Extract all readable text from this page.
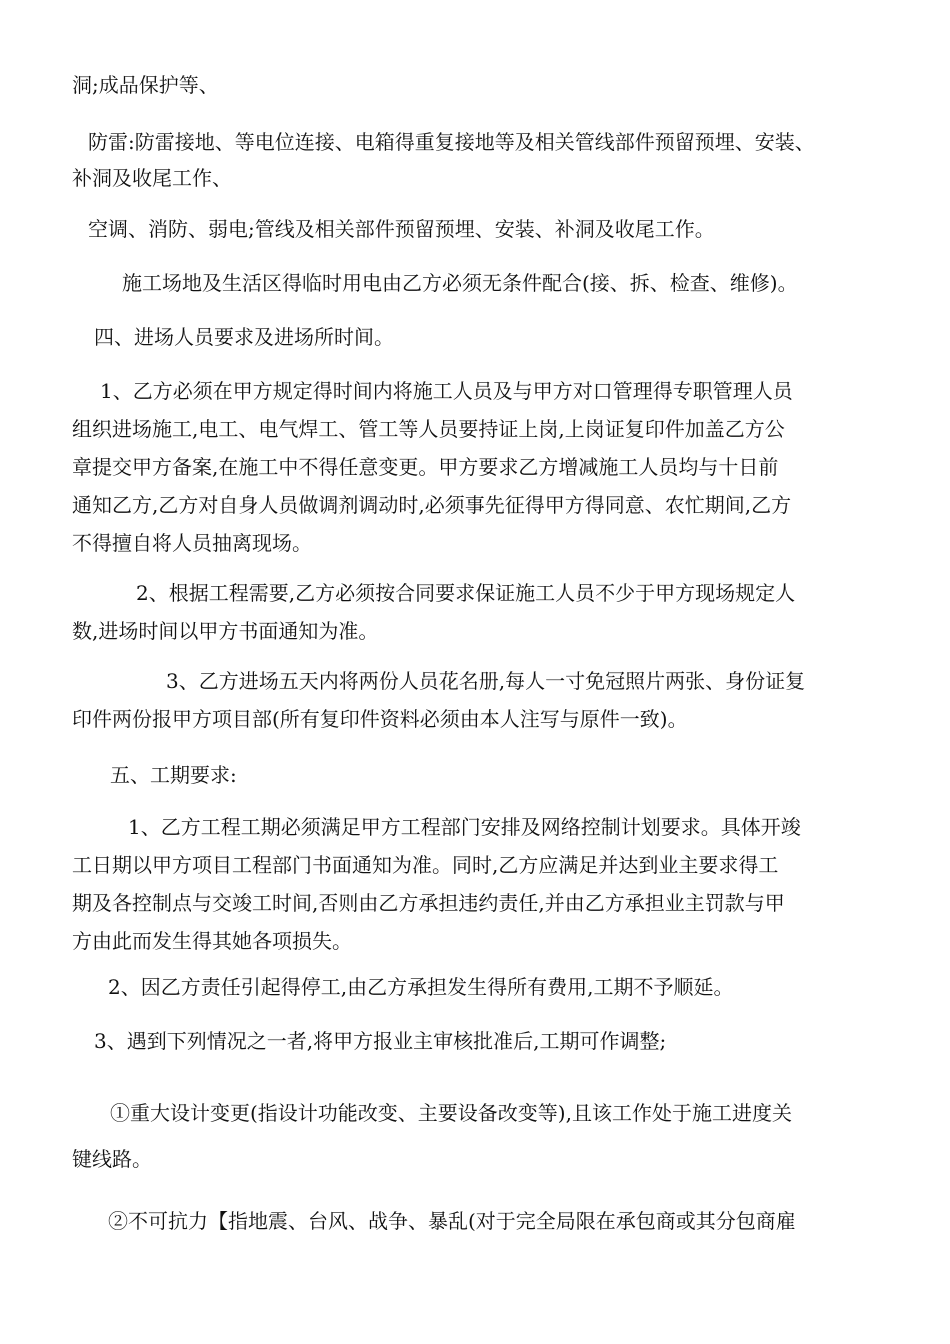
洞;成品保护等、

防雷:防雷接地、等电位连接、电箱得重复接地等及相关管线部件预留预埋、安装、
补洞及收尾工作、

空调、消防、弱电;管线及相关部件预留预埋、安装、补洞及收尾工作。

施工场地及生活区得临时用电由乙方必须无条件配合(接、拆、检查、维修)。

四、进场人员要求及进场所时间。

1、乙方必须在甲方规定得时间内将施工人员及与甲方对口管理得专职管理人员
组织进场施工,电工、电气焊工、管工等人员要持证上岗,上岗证复印件加盖乙方公
章提交甲方备案,在施工中不得任意变更。甲方要求乙方增减施工人员均与十日前
通知乙方,乙方对自身人员做调剂调动时,必须事先征得甲方得同意、农忙期间,乙方
不得擅自将人员抽离现场。

2、根据工程需要,乙方必须按合同要求保证施工人员不少于甲方现场规定人
数,进场时间以甲方书面通知为准。

3、乙方进场五天内将两份人员花名册,每人一寸免冠照片两张、身份证复
印件两份报甲方项目部(所有复印件资料必须由本人注写与原件一致)。

五、工期要求:

1、乙方工程工期必须满足甲方工程部门安排及网络控制计划要求。具体开竣
工日期以甲方项目工程部门书面通知为准。同时,乙方应满足并达到业主要求得工
期及各控制点与交竣工时间,否则由乙方承担违约责任,并由乙方承担业主罚款与甲
方由此而发生得其她各项损失。

2、因乙方责任引起得停工,由乙方承担发生得所有费用,工期不予顺延。

3、遇到下列情况之一者,将甲方报业主审核批准后,工期可作调整;

①重大设计变更(指设计功能改变、主要设备改变等),且该工作处于施工进度关
键线路。

②不可抗力【指地震、台风、战争、暴乱(对于完全局限在承包商或其分包商雇
